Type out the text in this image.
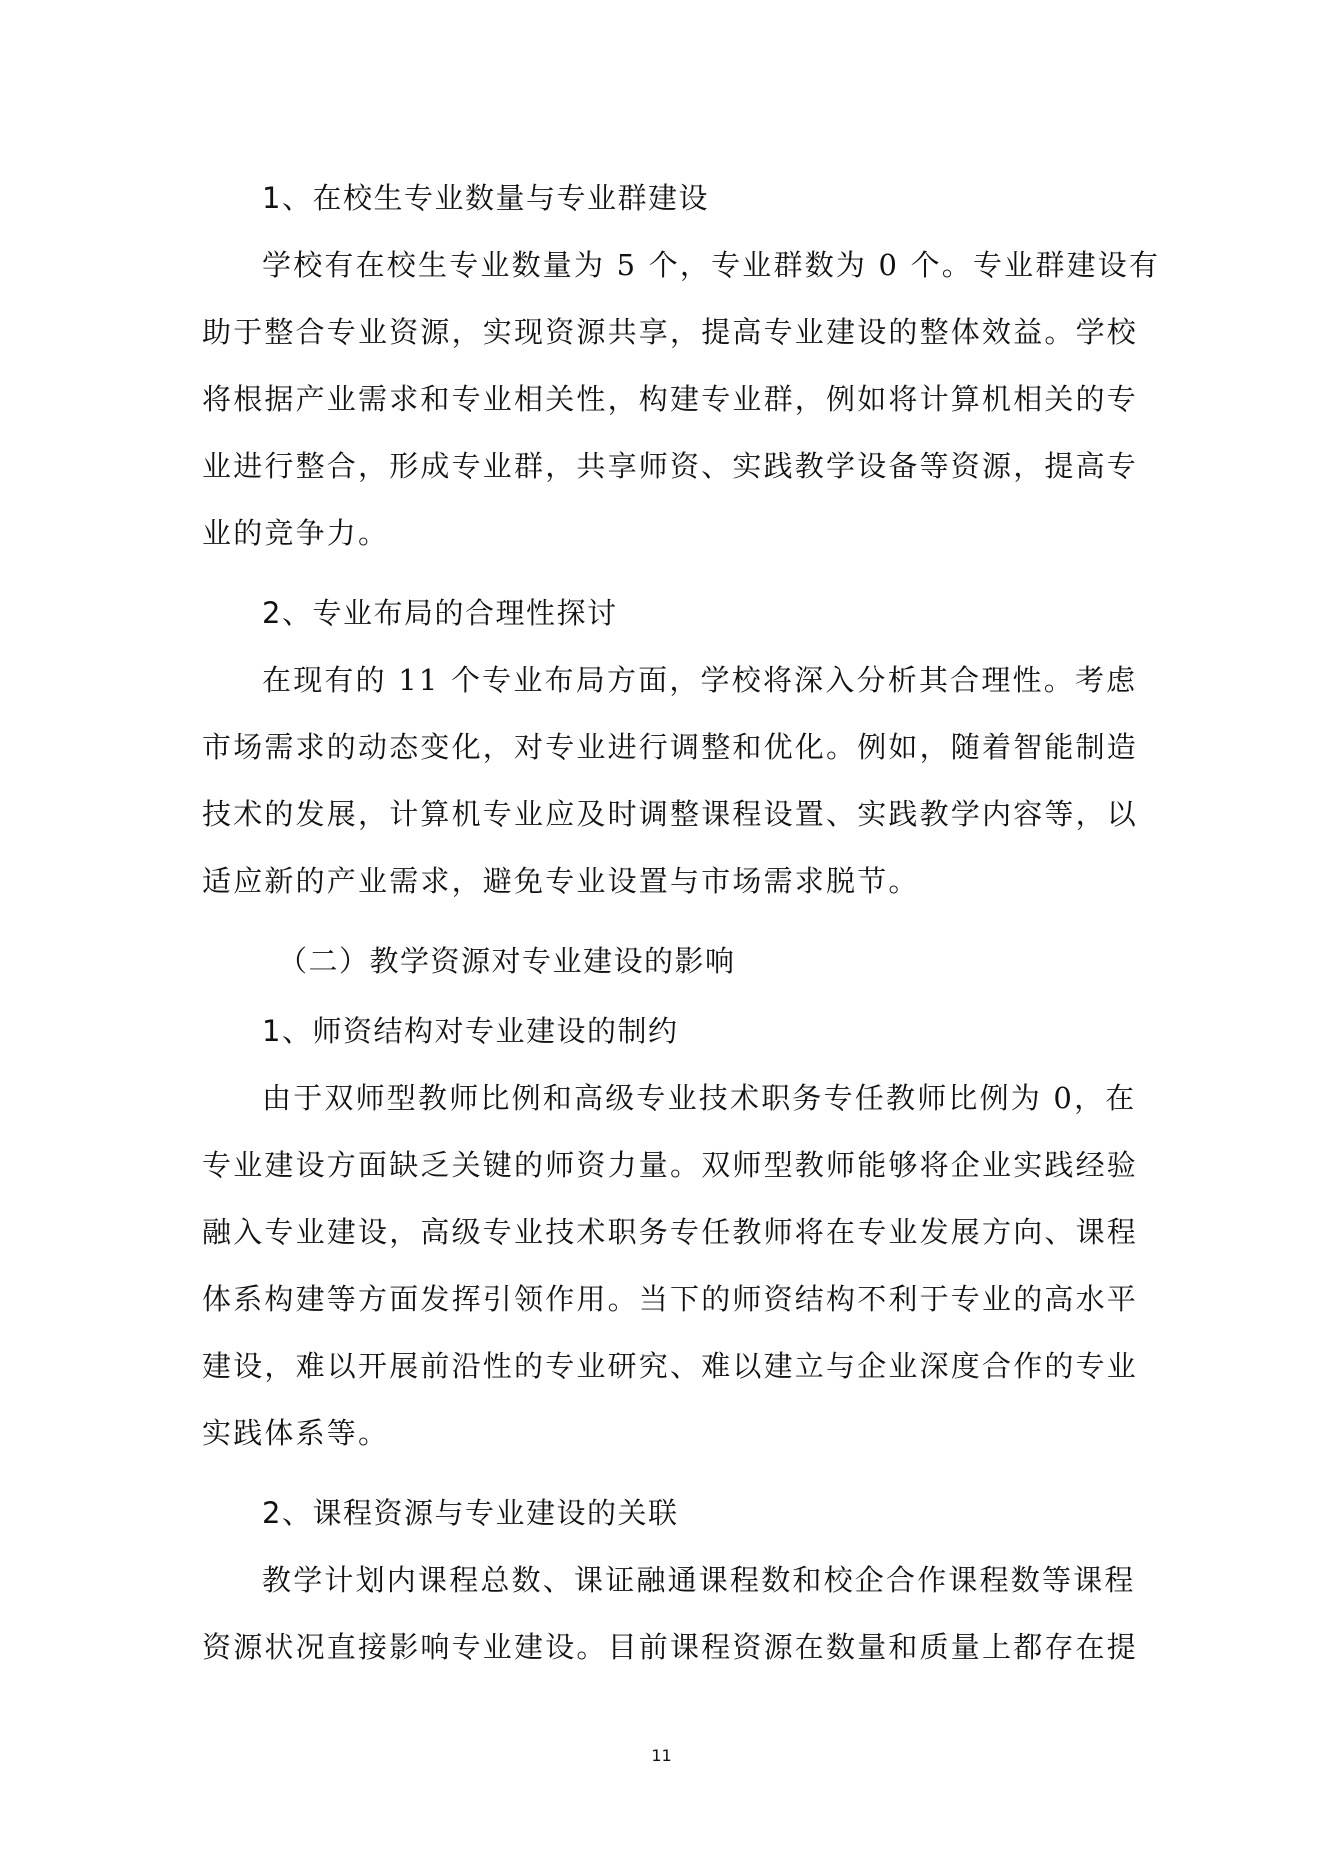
1、在校生专业数量与专业群建设
学校有在校生专业数量为 5 个，专业群数为 0 个。专业群建设有
助于整合专业资源，实现资源共享，提高专业建设的整体效益。学校
将根据产业需求和专业相关性，构建专业群，例如将计算机相关的专
业进行整合，形成专业群，共享师资、实践教学设备等资源，提高专
业的竞争力。
2、专业布局的合理性探讨
在现有的 11 个专业布局方面，学校将深入分析其合理性。考虑
市场需求的动态变化，对专业进行调整和优化。例如，随着智能制造
技术的发展，计算机专业应及时调整课程设置、实践教学内容等，以
适应新的产业需求，避免专业设置与市场需求脱节。
（二）教学资源对专业建设的影响
1、师资结构对专业建设的制约
由于双师型教师比例和高级专业技术职务专任教师比例为 0，在
专业建设方面缺乏关键的师资力量。双师型教师能够将企业实践经验
融入专业建设，高级专业技术职务专任教师将在专业发展方向、课程
体系构建等方面发挥引领作用。当下的师资结构不利于专业的高水平
建设，难以开展前沿性的专业研究、难以建立与企业深度合作的专业
实践体系等。
2、课程资源与专业建设的关联
教学计划内课程总数、课证融通课程数和校企合作课程数等课程
资源状况直接影响专业建设。目前课程资源在数量和质量上都存在提
11
